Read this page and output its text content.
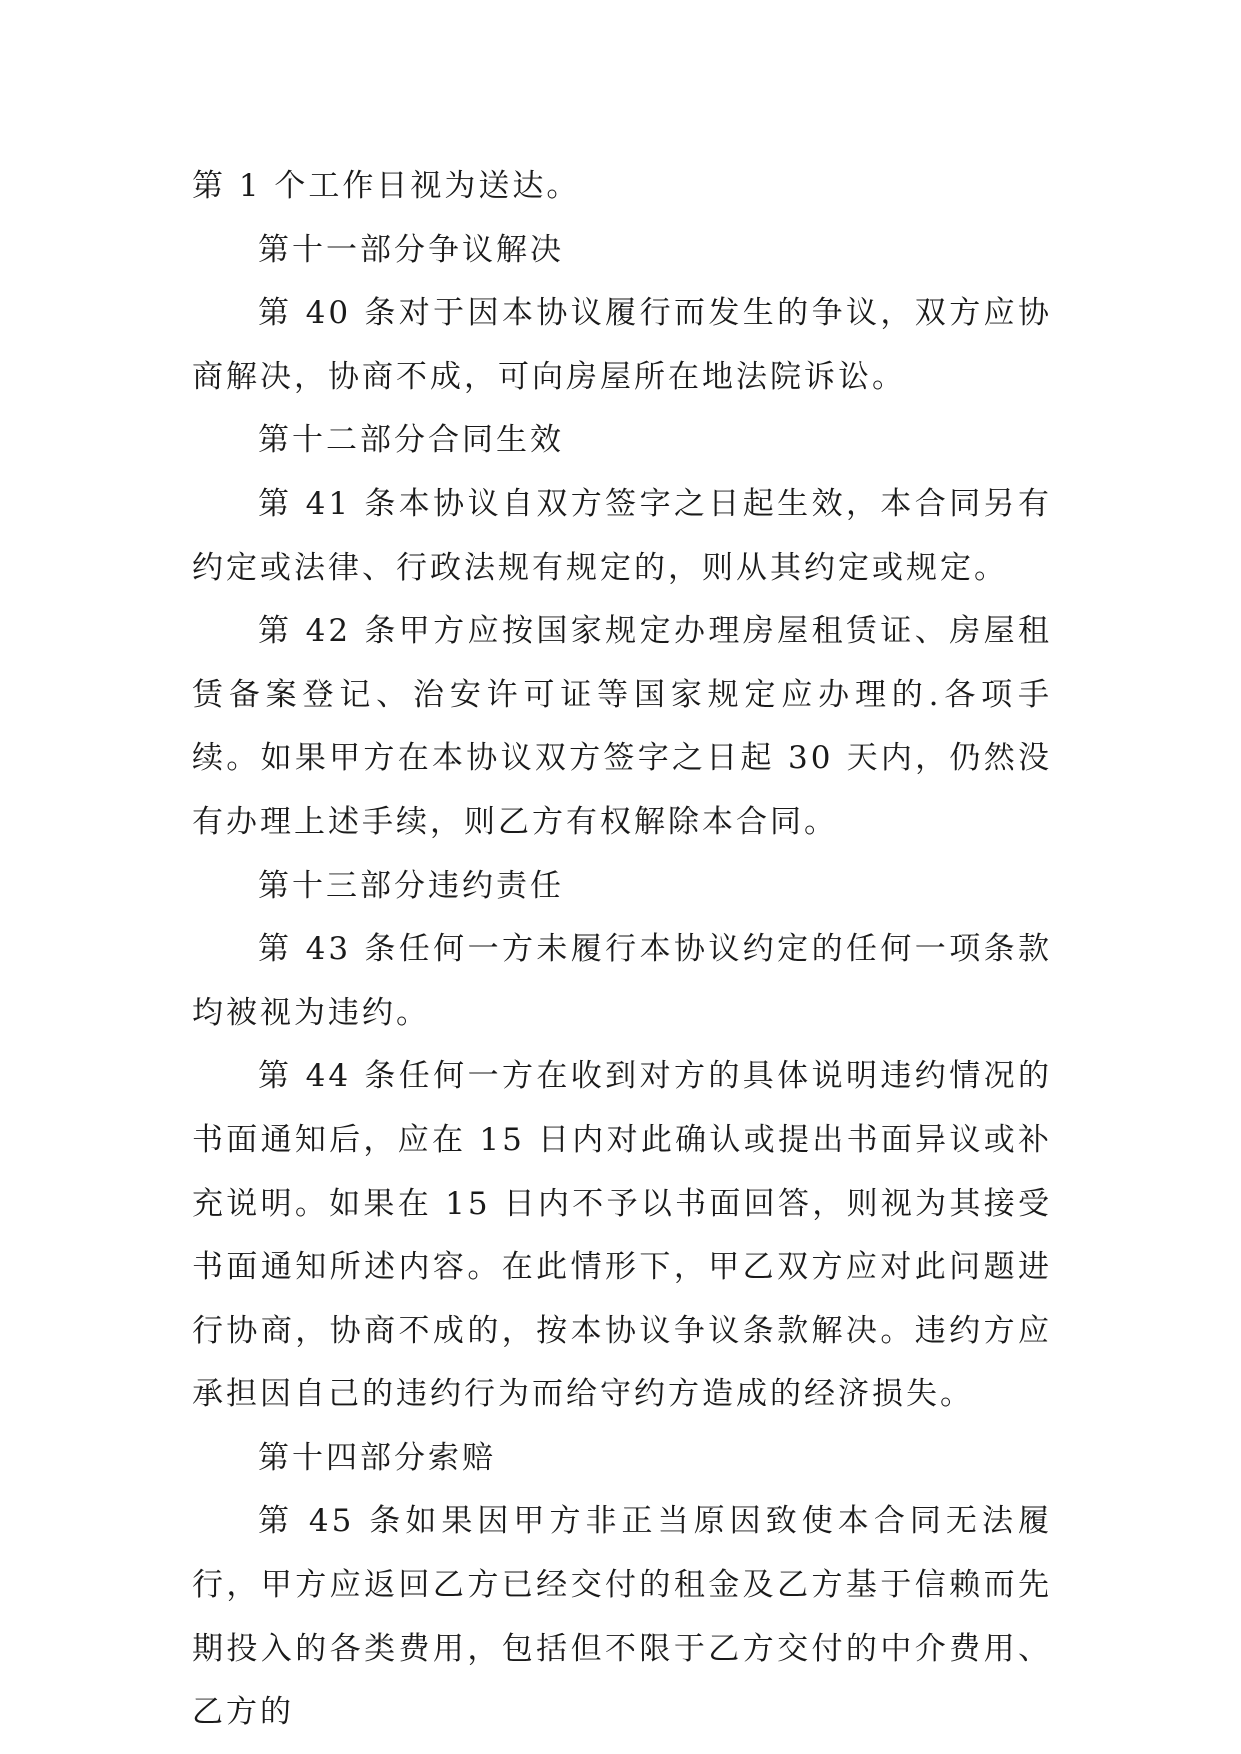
第 1 个工作日视为送达。

第十一部分争议解决

第 40 条对于因本协议履行而发生的争议，双方应协商解决，协商不成，可向房屋所在地法院诉讼。

第十二部分合同生效

第 41 条本协议自双方签字之日起生效，本合同另有约定或法律、行政法规有规定的，则从其约定或规定。

第 42 条甲方应按国家规定办理房屋租赁证、房屋租赁备案登记、治安许可证等国家规定应办理的.各项手续。如果甲方在本协议双方签字之日起 30 天内，仍然没有办理上述手续，则乙方有权解除本合同。

第十三部分违约责任

第 43 条任何一方未履行本协议约定的任何一项条款均被视为违约。

第 44 条任何一方在收到对方的具体说明违约情况的书面通知后，应在 15 日内对此确认或提出书面异议或补充说明。如果在 15 日内不予以书面回答，则视为其接受书面通知所述内容。在此情形下，甲乙双方应对此问题进行协商，协商不成的，按本协议争议条款解决。违约方应承担因自己的违约行为而给守约方造成的经济损失。

第十四部分索赔

第 45 条如果因甲方非正当原因致使本合同无法履行，甲方应返回乙方已经交付的租金及乙方基于信赖而先期投入的各类费用，包括但不限于乙方交付的中介费用、乙方的
